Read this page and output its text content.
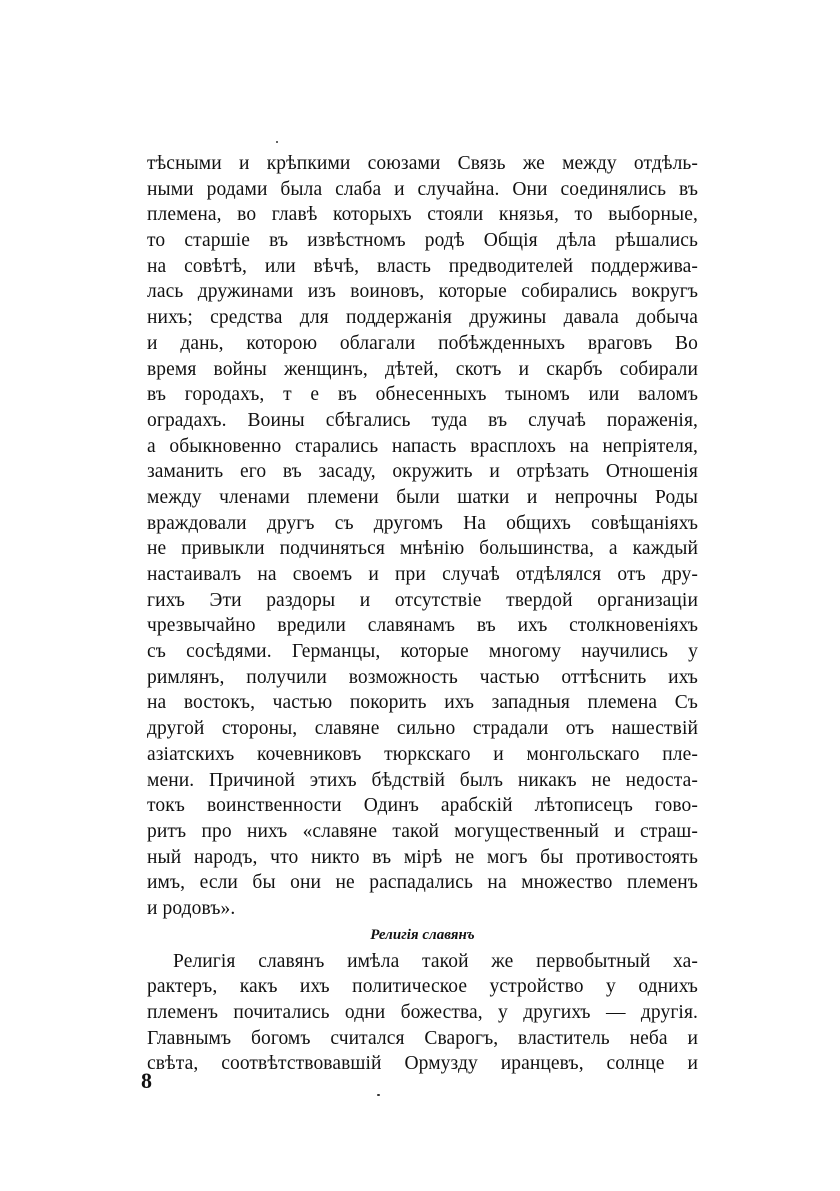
тѣсными и крѣпкими союзами Связь же между отдѣль-
ными родами была слаба и случайна. Они соединялись въ
племена, во главѣ которыхъ стояли князья, то выборные,
то старшіе въ извѣстномъ родѣ Общія дѣла рѣшались
на совѣтѣ, или вѣчѣ, власть предводителей поддержива-
лась дружинами изъ воиновъ, которые собирались вокругъ
нихъ; средства для поддержанія дружины давала добыча
и дань, которою облагали побѣжденныхъ враговъ Во
время войны женщинъ, дѣтей, скотъ и скарбъ собирали
въ городахъ, т е въ обнесенныхъ тыномъ или валомъ
оградахъ. Воины сбѣгались туда въ случаѣ пораженія,
а обыкновенно старались напасть врасплохъ на непріятеля,
заманить его въ засаду, окружить и отрѣзать Отношенія
между членами племени были шатки и непрочны Роды
враждовали другъ съ другомъ На общихъ совѣщаніяхъ
не привыкли подчиняться мнѣнію большинства, а каждый
настаивалъ на своемъ и при случаѣ отдѣлялся отъ дру-
гихъ Эти раздоры и отсутствіе твердой организаціи
чрезвычайно вредили славянамъ въ ихъ столкновеніяхъ
съ сосѣдями. Германцы, которые многому научились у
римлянъ, получили возможность частью оттѣснить ихъ
на востокъ, частью покорить ихъ западныя племена Съ
другой стороны, славяне сильно страдали отъ нашествій
азіатскихъ кочевниковъ тюркскаго и монгольскаго пле-
мени. Причиной этихъ бѣдствій былъ никакъ не недоста-
токъ воинственности Одинъ арабскій лѣтописецъ гово-
ритъ про нихъ «славяне такой могущественный и страш-
ный народъ, что никто въ мірѣ не могъ бы противостоять
имъ, если бы они не распадались на множество племенъ
и родовъ».
Религія славянъ
Религія славянъ имѣла такой же первобытный ха-
рактеръ, какъ ихъ политическое устройство у однихъ
племенъ почитались одни божества, у другихъ — другія.
Главнымъ богомъ считался Сварогъ, властитель неба и
свѣта, соотвѣтствовавшій Ормузду иранцевъ, солнце и
8
